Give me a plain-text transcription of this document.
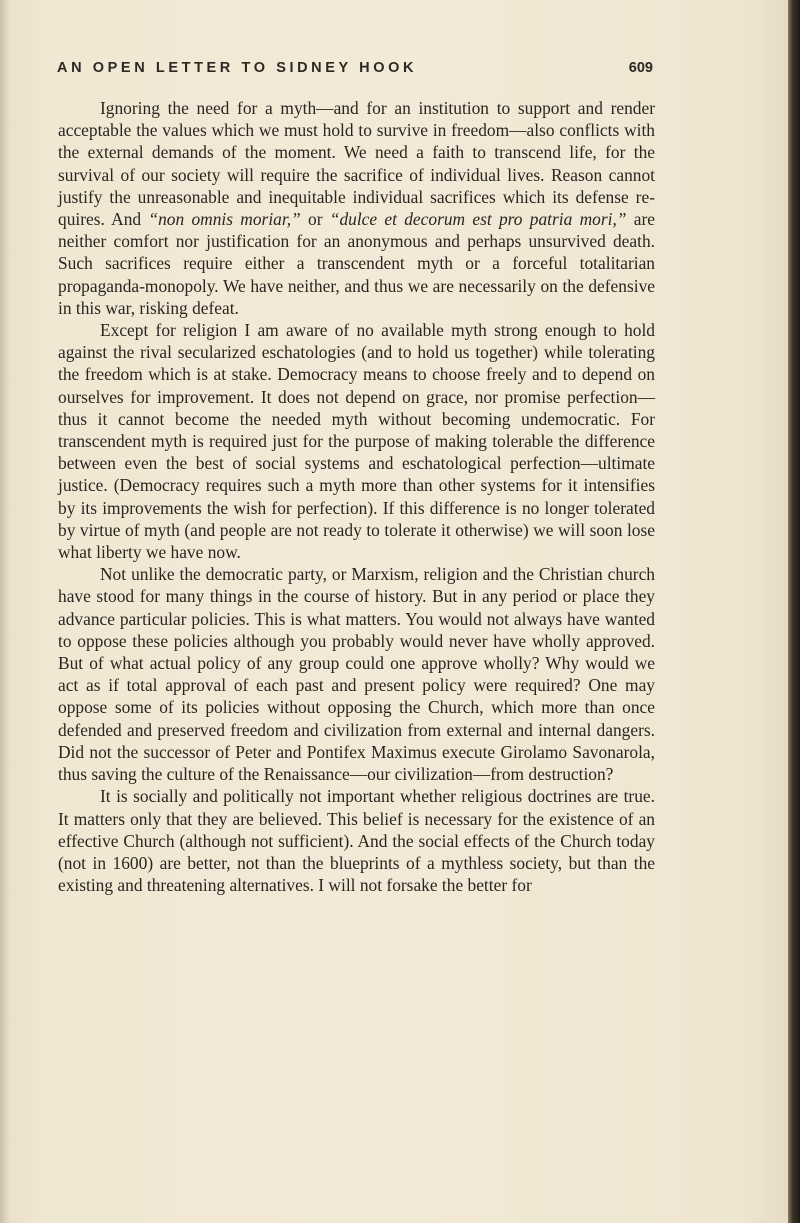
AN OPEN LETTER TO SIDNEY HOOK	609

Ignoring the need for a myth—and for an institution to support and render acceptable the values which we must hold to survive in freedom—also conflicts with the external demands of the moment. We need a faith to transcend life, for the survival of our society will require the sacrifice of individual lives. Reason cannot justify the unreasonable and inequitable individual sacrifices which its defense requires. And “non omnis moriar,” or “dulce et decorum est pro patria mori,” are neither comfort nor justification for an anonymous and perhaps unsurvived death. Such sacrifices require either a transcendent myth or a forceful totalitarian propaganda-monopoly. We have neither, and thus we are necessarily on the defensive in this war, risking defeat.

Except for religion I am aware of no available myth strong enough to hold against the rival secularized eschatologies (and to hold us together) while tolerating the freedom which is at stake. Democracy means to choose freely and to depend on ourselves for improvement. It does not depend on grace, nor promise perfection—thus it cannot become the needed myth without becoming undemocratic. For transcendent myth is required just for the purpose of making tolerable the difference between even the best of social systems and eschatological perfection—ultimate justice. (Democracy requires such a myth more than other systems for it intensifies by its improvements the wish for perfection). If this difference is no longer tolerated by virtue of myth (and people are not ready to tolerate it otherwise) we will soon lose what liberty we have now.

Not unlike the democratic party, or Marxism, religion and the Christian church have stood for many things in the course of history. But in any period or place they advance particular policies. This is what matters. You would not always have wanted to oppose these policies although you probably would never have wholly approved. But of what actual policy of any group could one approve wholly? Why would we act as if total approval of each past and present policy were required? One may oppose some of its policies without opposing the Church, which more than once defended and preserved freedom and civilization from external and internal dangers. Did not the successor of Peter and Pontifex Maximus execute Girolamo Savonarola, thus saving the culture of the Renaissance—our civilization—from destruction?

It is socially and politically not important whether religious doctrines are true. It matters only that they are believed. This belief is necessary for the existence of an effective Church (although not sufficient). And the social effects of the Church today (not in 1600) are better, not than the blueprints of a mythless society, but than the existing and threatening alternatives. I will not forsake the better for
